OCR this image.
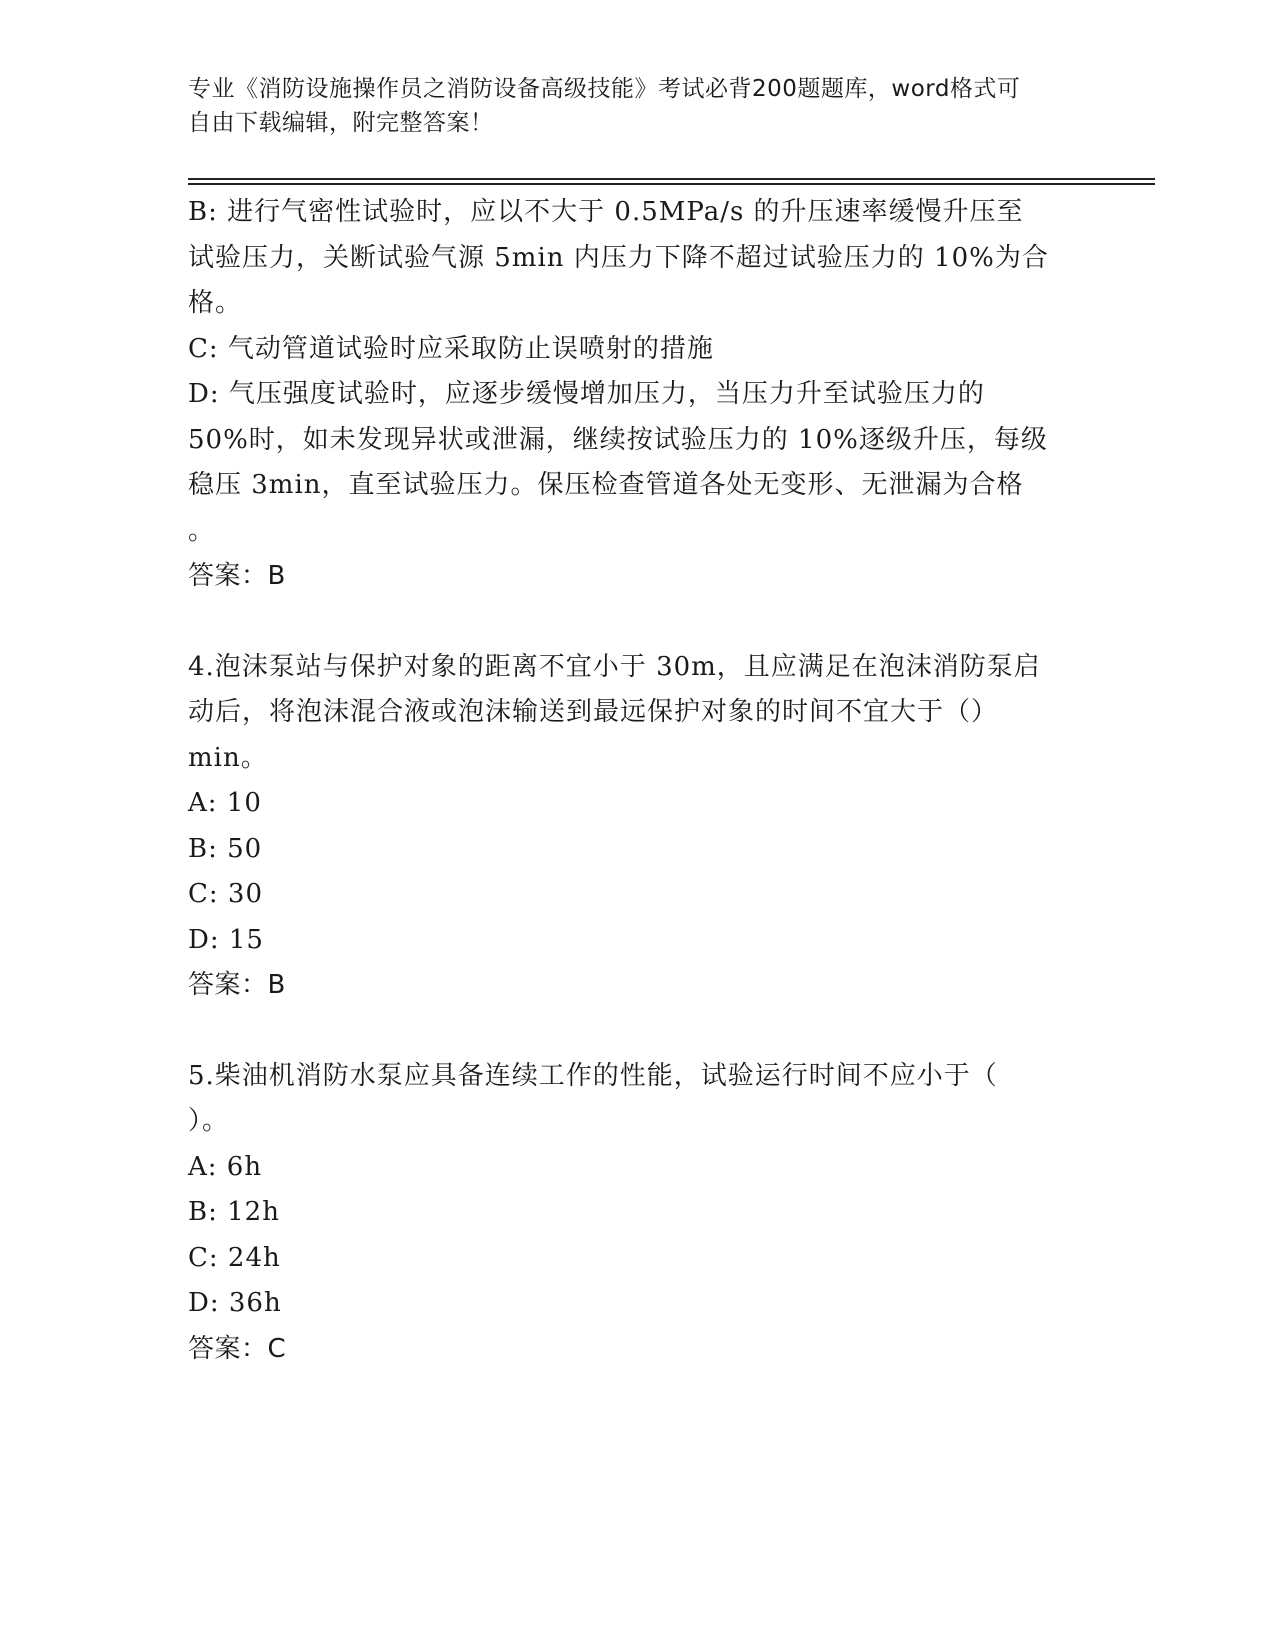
专业《消防设施操作员之消防设备高级技能》考试必背200题题库，word格式可
自由下载编辑，附完整答案！
B: 进行气密性试验时，应以不大于 0.5MPa/s 的升压速率缓慢升压至
试验压力，关断试验气源 5min 内压力下降不超过试验压力的 10%为合
格。
C: 气动管道试验时应采取防止误喷射的措施
D: 气压强度试验时，应逐步缓慢增加压力，当压力升至试验压力的
50%时，如未发现异状或泄漏，继续按试验压力的 10%逐级升压，每级
稳压 3min，直至试验压力。保压检查管道各处无变形、无泄漏为合格
。
答案：B
4.泡沫泵站与保护对象的距离不宜小于 30m，且应满足在泡沫消防泵启
动后，将泡沫混合液或泡沫输送到最远保护对象的时间不宜大于（）
min。
A: 10
B: 50
C: 30
D: 15
答案：B
5.柴油机消防水泵应具备连续工作的性能，试验运行时间不应小于（
）。
A: 6h
B: 12h
C: 24h
D: 36h
答案：C
